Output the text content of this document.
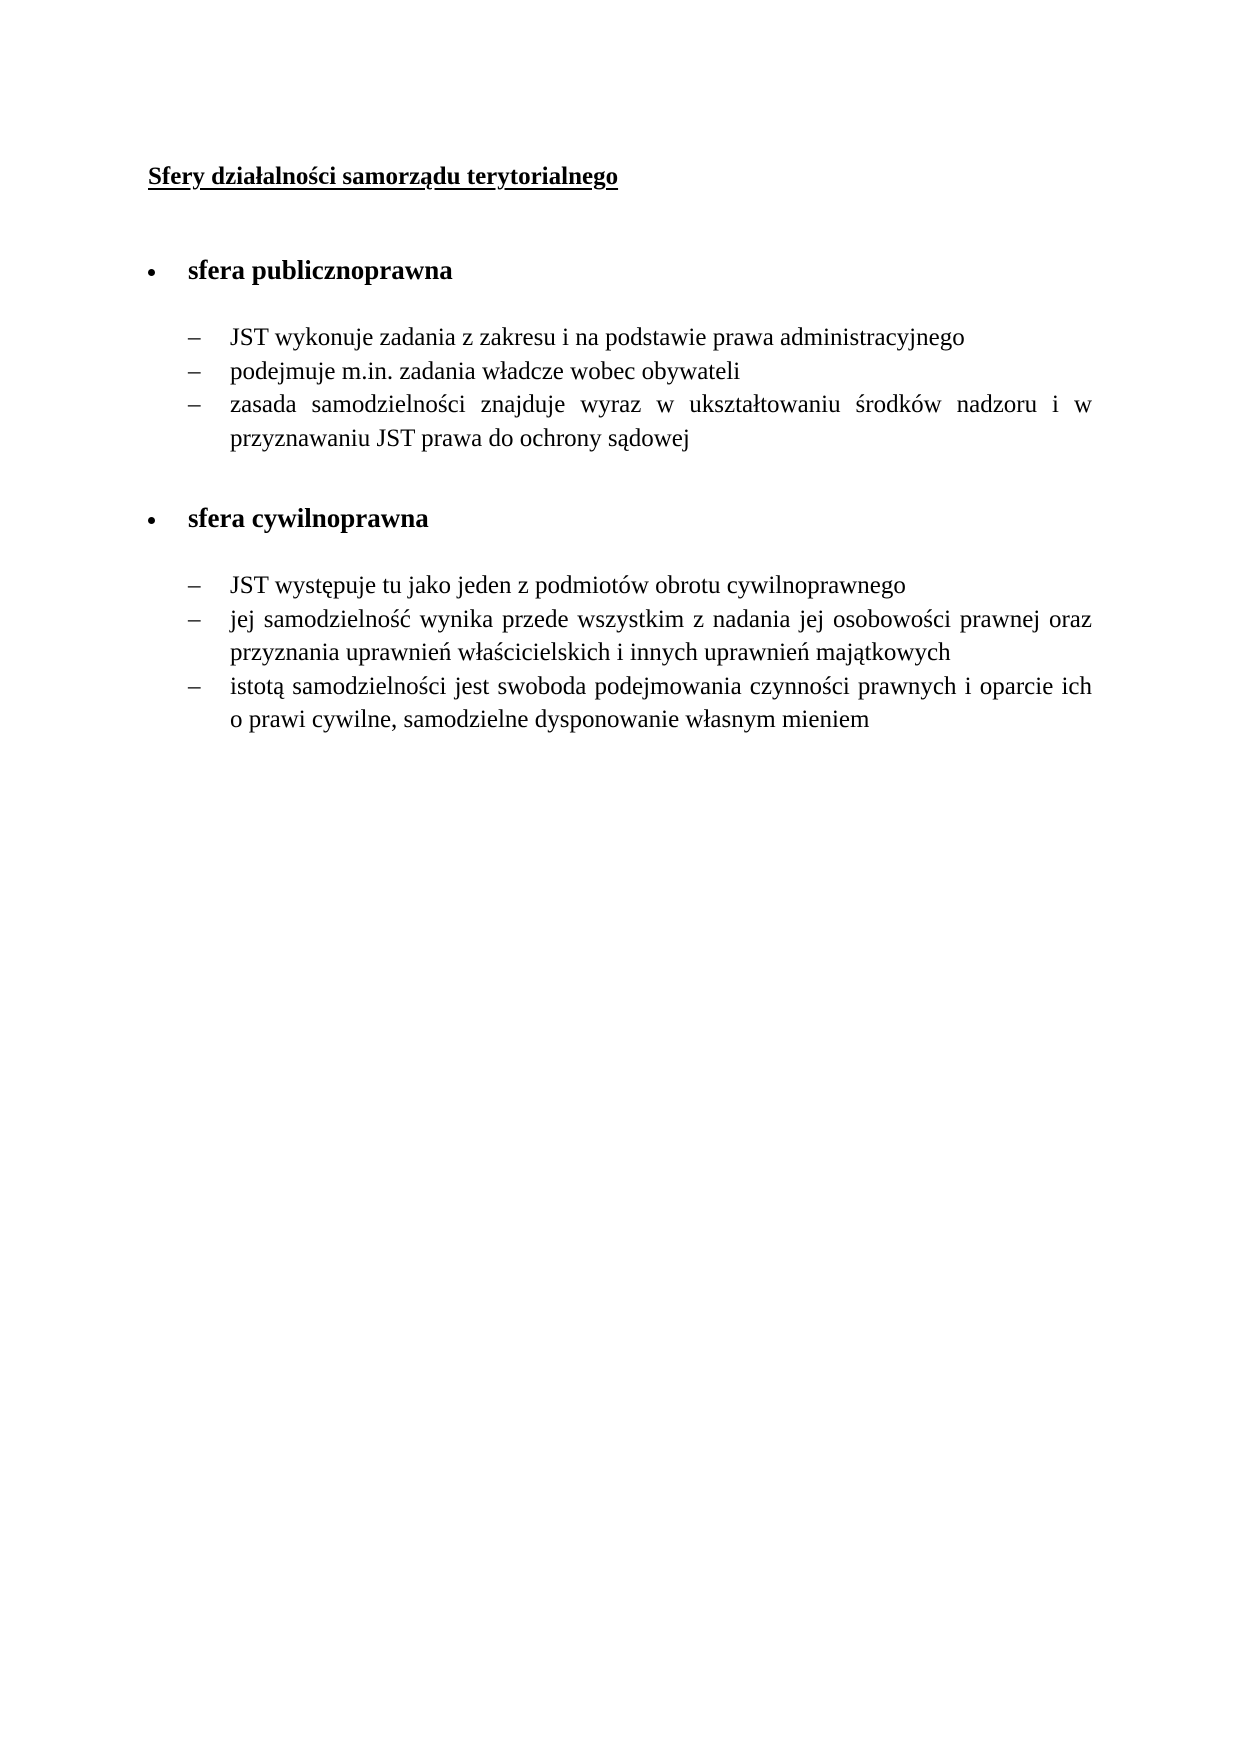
Sfery działalności samorządu terytorialnego
sfera publicznoprawna
– JST wykonuje zadania z zakresu i na podstawie prawa administracyjnego
– podejmuje m.in. zadania władcze wobec obywateli
– zasada samodzielności znajduje wyraz w ukształtowaniu środków nadzoru i w przyznawaniu JST prawa do ochrony sądowej
sfera cywilnoprawna
– JST występuje tu jako jeden z podmiotów obrotu cywilnoprawnego
– jej samodzielność wynika przede wszystkim z nadania jej osobowości prawnej oraz przyznania uprawnień właścicielskich i innych uprawnień majątkowych
– istotą samodzielności jest swoboda podejmowania czynności prawnych i oparcie ich o prawi cywilne, samodzielne dysponowanie własnym mieniem
